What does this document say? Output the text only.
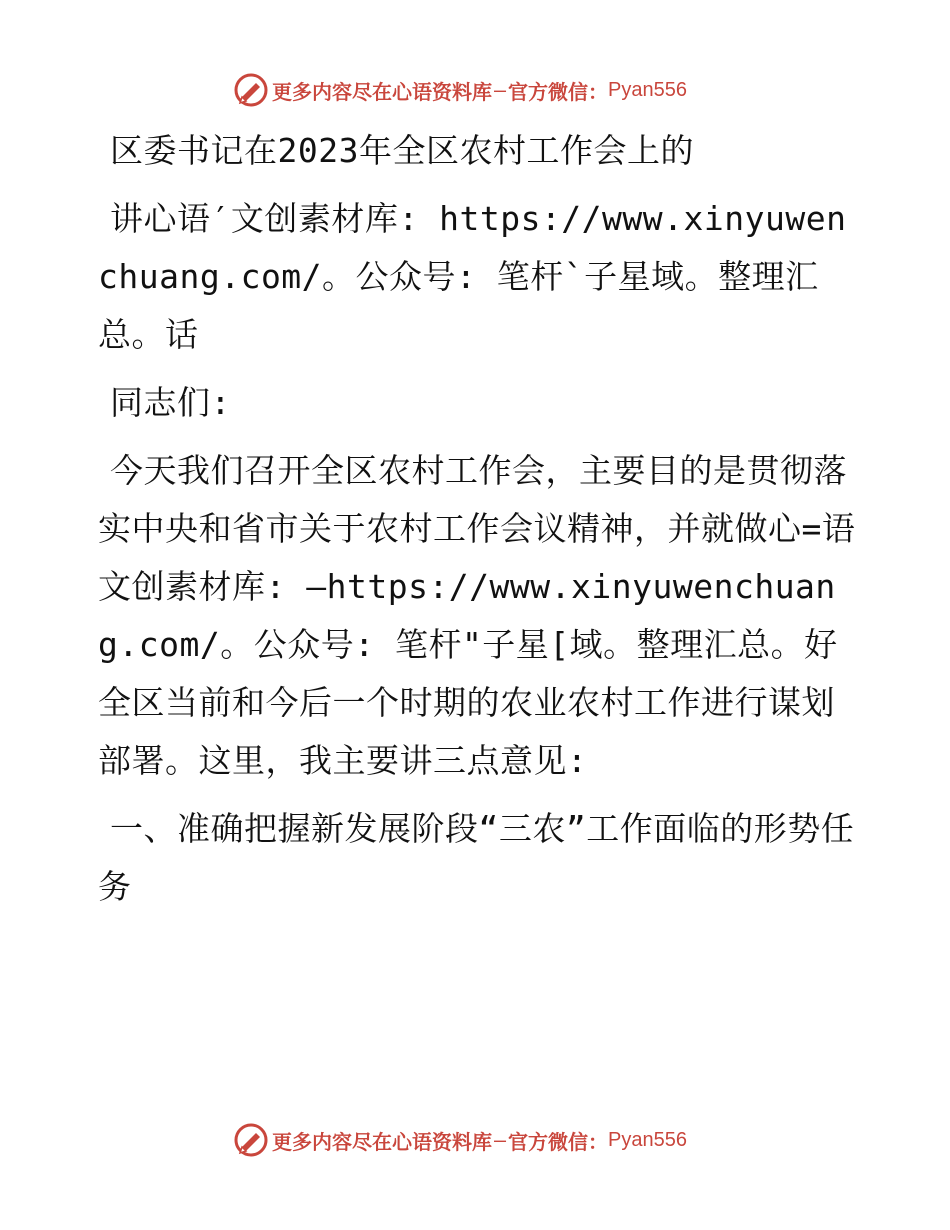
更多内容尽在心语资料库 — 官方微信： Pyan556

区委书记在2023年全区农村工作会上的

讲心语′文创素材库: https://www.xinyuwenchuang.com/。公众号: 笔杆`子星域。整理汇总。话

同志们:

今天我们召开全区农村工作会，主要目的是贯彻落实中央和省市关于农村工作会议精神，并就做心=语文创素材库: —https://www.xinyuwenchuang.com/。公众号: 笔杆"子星[域。整理汇总。好全区当前和今后一个时期的农业农村工作进行谋划部署。这里，我主要讲三点意见:

一、准确把握新发展阶段“三农”工作面临的形势任务

更多内容尽在心语资料库 — 官方微信： Pyan556
